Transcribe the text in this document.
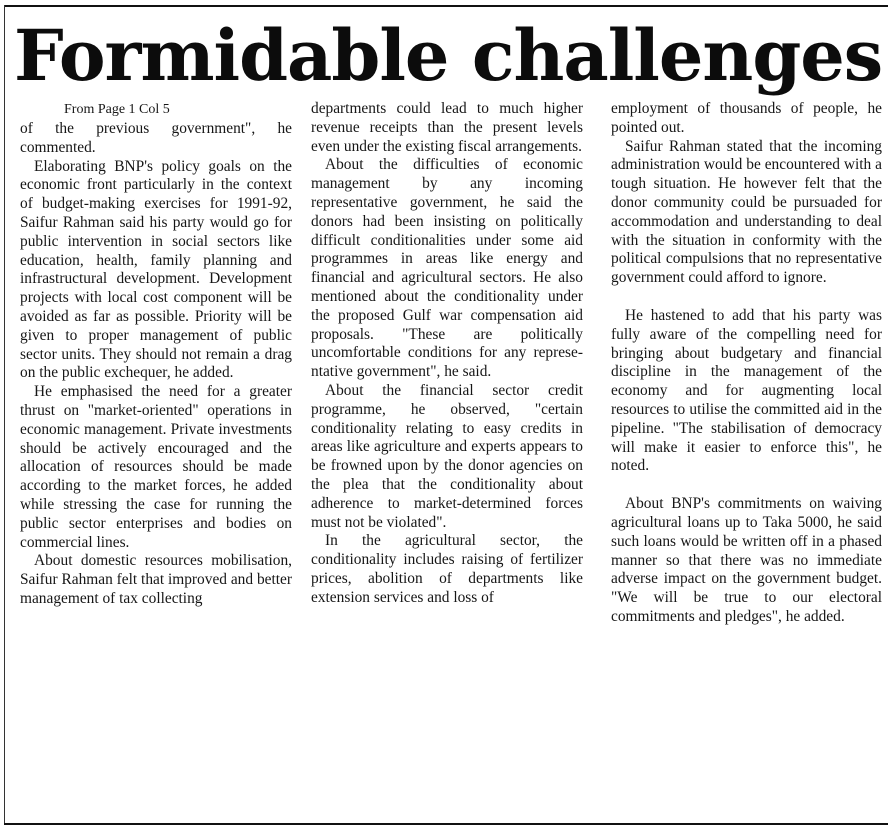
Formidable challenges
From Page 1 Col 5

of the previous government", he commented.

Elaborating BNP's policy goals on the economic front particularly in the context of budget-making exercises for 1991-92, Saifur Rahman said his party would go for public intervention in social sectors like education, health, family planning and infrastructural development. Development projects with local cost component will be avoided as far as possible. Priority will be given to proper management of public sector units. They should not remain a drag on the public exchequer, he added.

He emphasised the need for a greater thrust on "market-oriented" operations in economic management. Private investments should be actively encouraged and the allocation of resources should be made according to the market forces, he added while stressing the case for running the public sector enterprises and bodies on commercial lines.

About domestic resources mobilisation, Saifur Rahman felt that improved and better management of tax collecting

departments could lead to much higher revenue receipts than the present levels even under the existing fiscal arrangements.

About the difficulties of economic management by any incoming representative government, he said the donors had been insisting on politically difficult conditionalities under some aid programmes in areas like energy and financial and agricultural sectors. He also mentioned about the conditionality under the proposed Gulf war compensation aid proposals. "These are politically uncomfortable conditions for any represe-ntative government", he said.

About the financial sector credit programme, he observed, "certain conditionality relating to easy credits in areas like agriculture and experts appears to be frowned upon by the donor agencies on the plea that the conditionality about adherence to market-determined forces must not be violated".

In the agricultural sector, the conditionality includes raising of fertilizer prices, abolition of departments like extension services and loss of

employment of thousands of people, he pointed out.

Saifur Rahman stated that the incoming administration would be encountered with a tough situation. He however felt that the donor community could be pursuaded for accommodation and understanding to deal with the situation in conformity with the political compulsions that no representative government could afford to ignore.

He hastened to add that his party was fully aware of the compelling need for bringing about budgetary and financial discipline in the management of the economy and for augmenting local resources to utilise the committed aid in the pipeline. "The stabilisation of democracy will make it easier to enforce this", he noted.

About BNP's commitments on waiving agricultural loans up to Taka 5000, he said such loans would be written off in a phased manner so that there was no immediate adverse impact on the government budget. "We will be true to our electoral commitments and pledges", he added.
